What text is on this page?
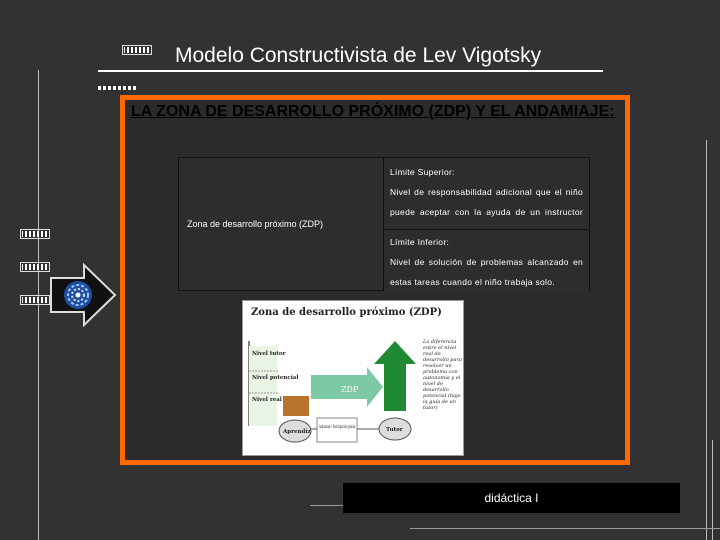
Modelo Constructivista de Lev Vigotsky
LA ZONA DE DESARROLLO PRÓXIMO (ZDP) Y EL ANDAMIAJE:
Zona de desarrollo próximo (ZDP)
Límite Superior:

Nivel de responsabilidad adicional que el niño puede aceptar con la ayuda de un instructor
Límite Inferior:

Nivel de solución de problemas alcanzado en estas tareas cuando el niño trabaja solo.
Zona de desarrollo próximo (ZDP)
Nivel tutor
Nivel potencial
Nivel real
ZDP
Aprendiz	Tutor
La diferencia entre el nivel real de desarrollo para resolver un problema con autonomía y el nivel de desarrollo potencial (bajo la guía de un tutor)
didáctica I
